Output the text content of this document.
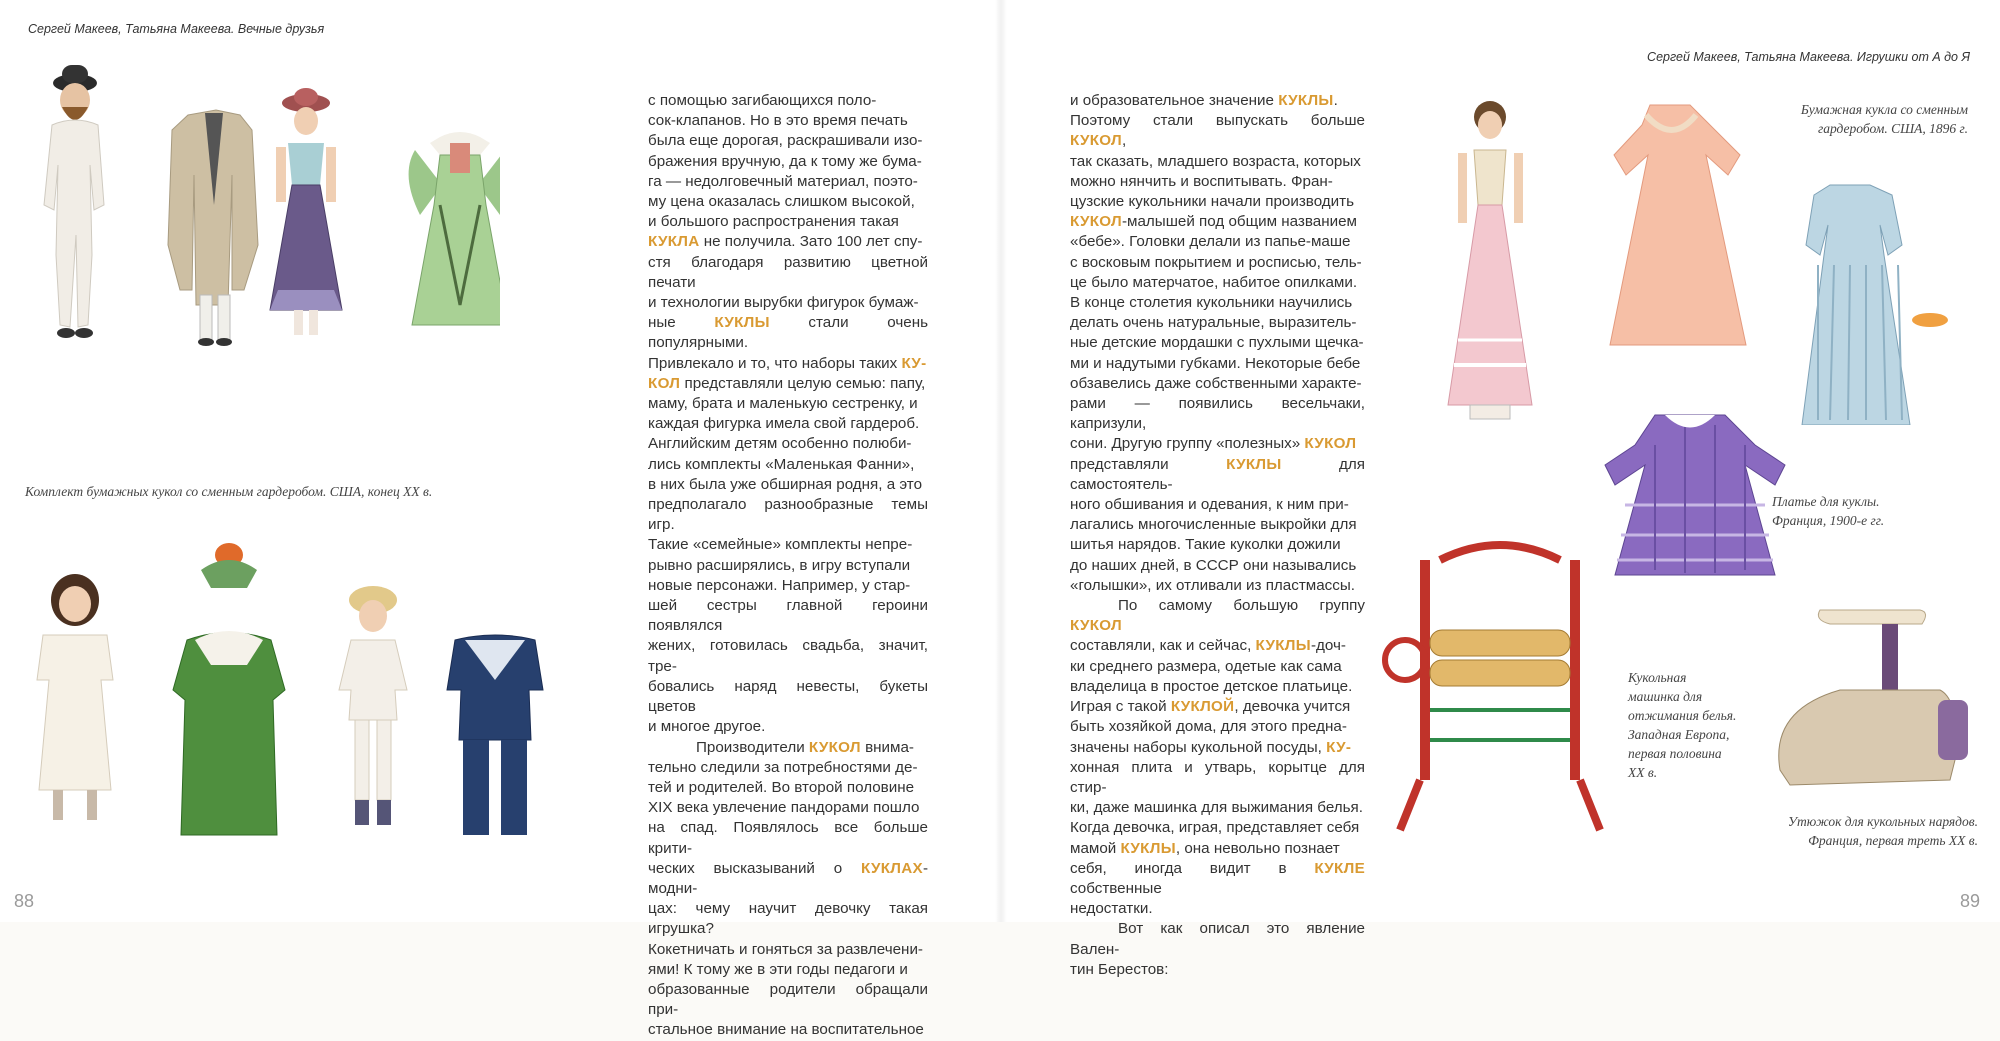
Сергей Макеев, Татьяна Макеева. Вечные друзья
Комплект бумажных кукол со сменным гардеробом. США, конец XX в.

с помощью загибающихся поло-

сок-клапанов. Но в это время печать

была еще дорогая, раскрашивали изо-

бражения вручную, да к тому же бума-

га — недолговечный материал, поэто-

му цена оказалась слишком высокой,

и большого распространения такая

КУКЛА не получила. Зато 100 лет спу-

стя благодаря развитию цветной печати

и технологии вырубки фигурок бумаж-

ные КУКЛЫ стали очень популярными.

Привлекало и то, что наборы таких КУ-

КОЛ представляли целую семью: папу,

маму, брата и маленькую сестренку, и

каждая фигурка имела свой гардероб.

Английским детям особенно полюби-

лись комплекты «Маленькая Фанни»,

в них была уже обширная родня, а это

предполагало разнообразные темы игр.

Такие «семейные» комплекты непре-

рывно расширялись, в игру вступали

новые персонажи. Например, у стар-

шей сестры главной героини появлялся

жених, готовилась свадьба, значит, тре-

бовались наряд невесты, букеты цветов

и многое другое.

Производители КУКОЛ внима-

тельно следили за потребностями де-

тей и родителей. Во второй половине

XIX века увлечение пандорами пошло

на спад. Появлялось все больше крити-

ческих высказываний о КУКЛАХ-модни-

цах: чему научит девочку такая игрушка?

Кокетничать и гоняться за развлечени-

ями! К тому же в эти годы педагоги и

образованные родители обращали при-

стальное внимание на воспитательное

88
Сергей Макеев, Татьяна Макеева. Игрушки от А до Я

и образовательное значение КУКЛЫ.

Поэтому стали выпускать больше КУКОЛ,

так сказать, младшего возраста, которых

можно нянчить и воспитывать. Фран-

цузские кукольники начали производить

КУКОЛ-малышей под общим названием

«бебе». Головки делали из папье-маше

с восковым покрытием и росписью, тель-

це было матерчатое, набитое опилками.

В конце столетия кукольники научились

делать очень натуральные, выразитель-

ные детские мордашки с пухлыми щечка-

ми и надутыми губками. Некоторые бебе

обзавелись даже собственными характе-

рами — появились весельчаки, капризули,

сони. Другую группу «полезных» КУКОЛ

представляли КУКЛЫ для самостоятель-

ного обшивания и одевания, к ним при-

лагались многочисленные выкройки для

шитья нарядов. Такие куколки дожили

до наших дней, в СССР они назывались

«голышки», их отливали из пластмассы.

По самому большую группу КУКОЛ

составляли, как и сейчас, КУКЛЫ-доч-

ки среднего размера, одетые как сама

владелица в простое детское платьице.

Играя с такой КУКЛОЙ, девочка учится

быть хозяйкой дома, для этого предна-

значены наборы кукольной посуды, КУ-

хонная плита и утварь, корытце для стир-

ки, даже машинка для выжимания белья.

Когда девочка, играя, представляет себя

мамой КУКЛЫ, она невольно познает

себя, иногда видит в КУКЛЕ собственные

недостатки.

Вот как описал это явление Вален-

тин Берестов:

Бумажная кукла со сменным
гардеробом. США, 1896 г.
Платье для куклы.
Франция, 1900-е гг.
Кукольная
машинка для
отжимания белья.
Западная Европа,
первая половина
XX в.
Утюжок для кукольных нарядов.
Франция, первая треть XX в.
89
